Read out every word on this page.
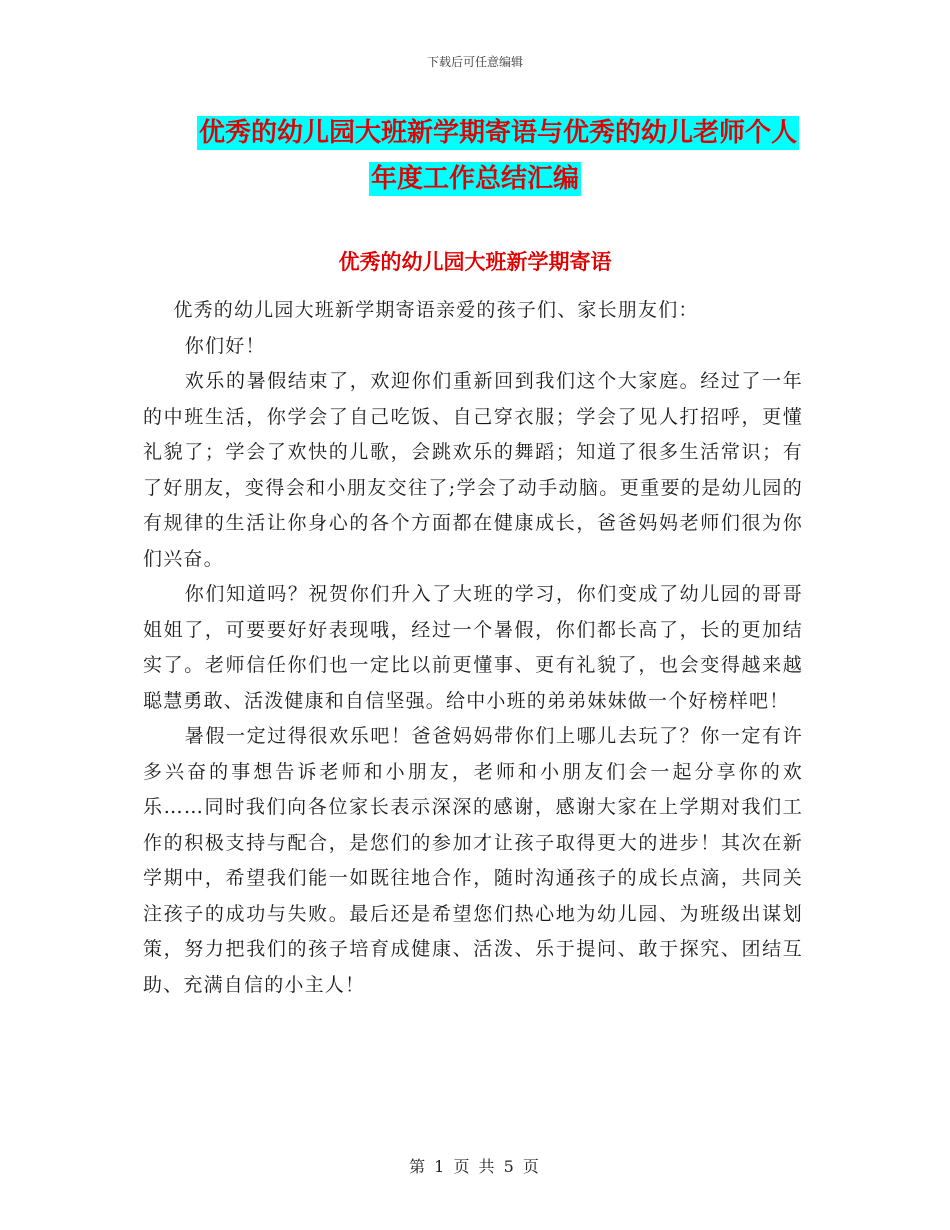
下载后可任意编辑
优秀的幼儿园大班新学期寄语与优秀的幼儿老师个人
年度工作总结汇编
优秀的幼儿园大班新学期寄语

优秀的幼儿园大班新学期寄语亲爱的孩子们、家长朋友们：

你们好！

欢乐的暑假结束了，欢迎你们重新回到我们这个大家庭。经过了一年的中班生活，你学会了自己吃饭、自己穿衣服；学会了见人打招呼，更懂礼貌了；学会了欢快的儿歌，会跳欢乐的舞蹈；知道了很多生活常识；有了好朋友，变得会和小朋友交往了;学会了动手动脑。更重要的是幼儿园的有规律的生活让你身心的各个方面都在健康成长，爸爸妈妈老师们很为你们兴奋。

你们知道吗？祝贺你们升入了大班的学习，你们变成了幼儿园的哥哥姐姐了，可要要好好表现哦，经过一个暑假，你们都长高了，长的更加结实了。老师信任你们也一定比以前更懂事、更有礼貌了，也会变得越来越聪慧勇敢、活泼健康和自信坚强。给中小班的弟弟妹妹做一个好榜样吧！

暑假一定过得很欢乐吧！爸爸妈妈带你们上哪儿去玩了？你一定有许多兴奋的事想告诉老师和小朋友，老师和小朋友们会一起分享你的欢乐……同时我们向各位家长表示深深的感谢，感谢大家在上学期对我们工作的积极支持与配合，是您们的参加才让孩子取得更大的进步！其次在新学期中，希望我们能一如既往地合作，随时沟通孩子的成长点滴，共同关注孩子的成功与失败。最后还是希望您们热心地为幼儿园、为班级出谋划策，努力把我们的孩子培育成健康、活泼、乐于提问、敢于探究、团结互助、充满自信的小主人！

第 1 页 共 5 页
